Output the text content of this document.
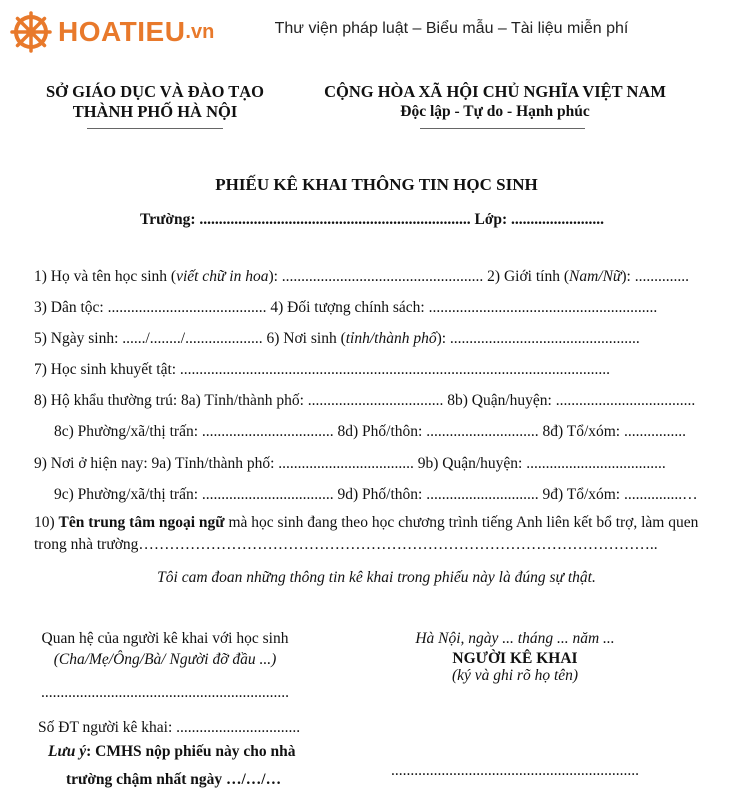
HOATIEU .vn	Thư viện pháp luật – Biểu mẫu – Tài liệu miễn phí
SỞ GIÁO DỤC VÀ ĐÀO TẠO
THÀNH PHỐ HÀ NỘI
CỘNG HÒA XÃ HỘI CHỦ NGHĨA VIỆT NAM
Độc lập - Tự do - Hạnh phúc
PHIẾU KÊ KHAI THÔNG TIN HỌC SINH
Trường: ...................................................................... Lớp: ........................
1) Họ và tên học sinh (viết chữ in hoa): .................................................... 2) Giới tính (Nam/Nữ): ..............
3) Dân tộc: ......................................... 4) Đối tượng chính sách: ...........................................................
5) Ngày sinh: ....../......../.................... 6) Nơi sinh (tỉnh/thành phố): .................................................
7) Học sinh khuyết tật: ...............................................................................................................
8) Hộ khẩu thường trú: 8a) Tỉnh/thành phố: ................................... 8b) Quận/huyện: ....................................
8c) Phường/xã/thị trấn: .................................. 8d) Phố/thôn: ............................. 8đ) Tổ/xóm: ................
9) Nơi ở hiện nay: 9a) Tỉnh/thành phố: ................................... 9b) Quận/huyện: ....................................
9c) Phường/xã/thị trấn: .................................. 9d) Phố/thôn: ............................. 9đ) Tổ/xóm: ...............…
10) Tên trung tâm ngoại ngữ mà học sinh đang theo học chương trình tiếng Anh liên kết bổ trợ, làm quen
trong nhà trường………………………………………………………………………………………..
Tôi cam đoan những thông tin kê khai trong phiếu này là đúng sự thật.
Quan hệ của người kê khai với học sinh
(Cha/Mẹ/Ông/Bà/ Người đỡ đầu ...)
................................................................
Số ĐT người kê khai: ................................
Lưu ý: CMHS nộp phiếu này cho nhà
trường chậm nhất ngày …/…/…
Hà Nội, ngày ... tháng ... năm ...
NGƯỜI KÊ KHAI
(ký và ghi rõ họ tên)
................................................................
